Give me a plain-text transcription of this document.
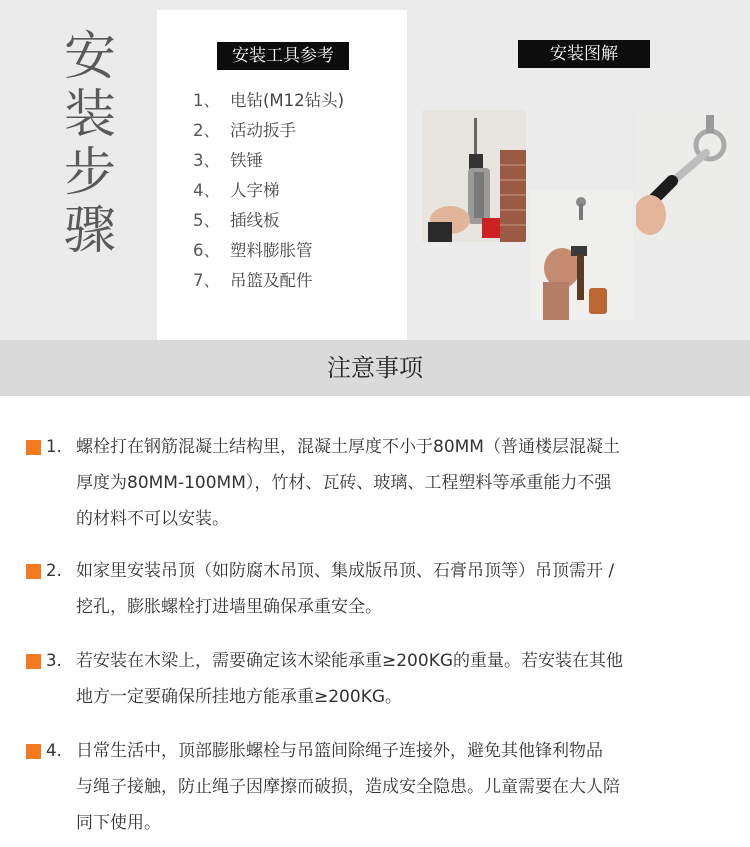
安
装
步
骤
安装工具参考
1、 电钻(M12钻头)
2、 活动扳手
3、 铁锤
4、 人字梯
5、 插线板
6、 塑料膨胀管
7、 吊篮及配件
安装图解
注意事项
1. 螺栓打在钢筋混凝土结构里，混凝土厚度不小于80MM（普通楼层混凝土
厚度为80MM-100MM），竹材、瓦砖、玻璃、工程塑料等承重能力不强
的材料不可以安装。
2. 如家里安装吊顶（如防腐木吊顶、集成版吊顶、石膏吊顶等）吊顶需开 /
挖孔，膨胀螺栓打进墙里确保承重安全。
3. 若安装在木梁上，需要确定该木梁能承重≥200KG的重量。若安装在其他
地方一定要确保所挂地方能承重≥200KG。
4. 日常生活中，顶部膨胀螺栓与吊篮间除绳子连接外，避免其他锋利物品
与绳子接触，防止绳子因摩擦而破损，造成安全隐患。儿童需要在大人陪
同下使用。
